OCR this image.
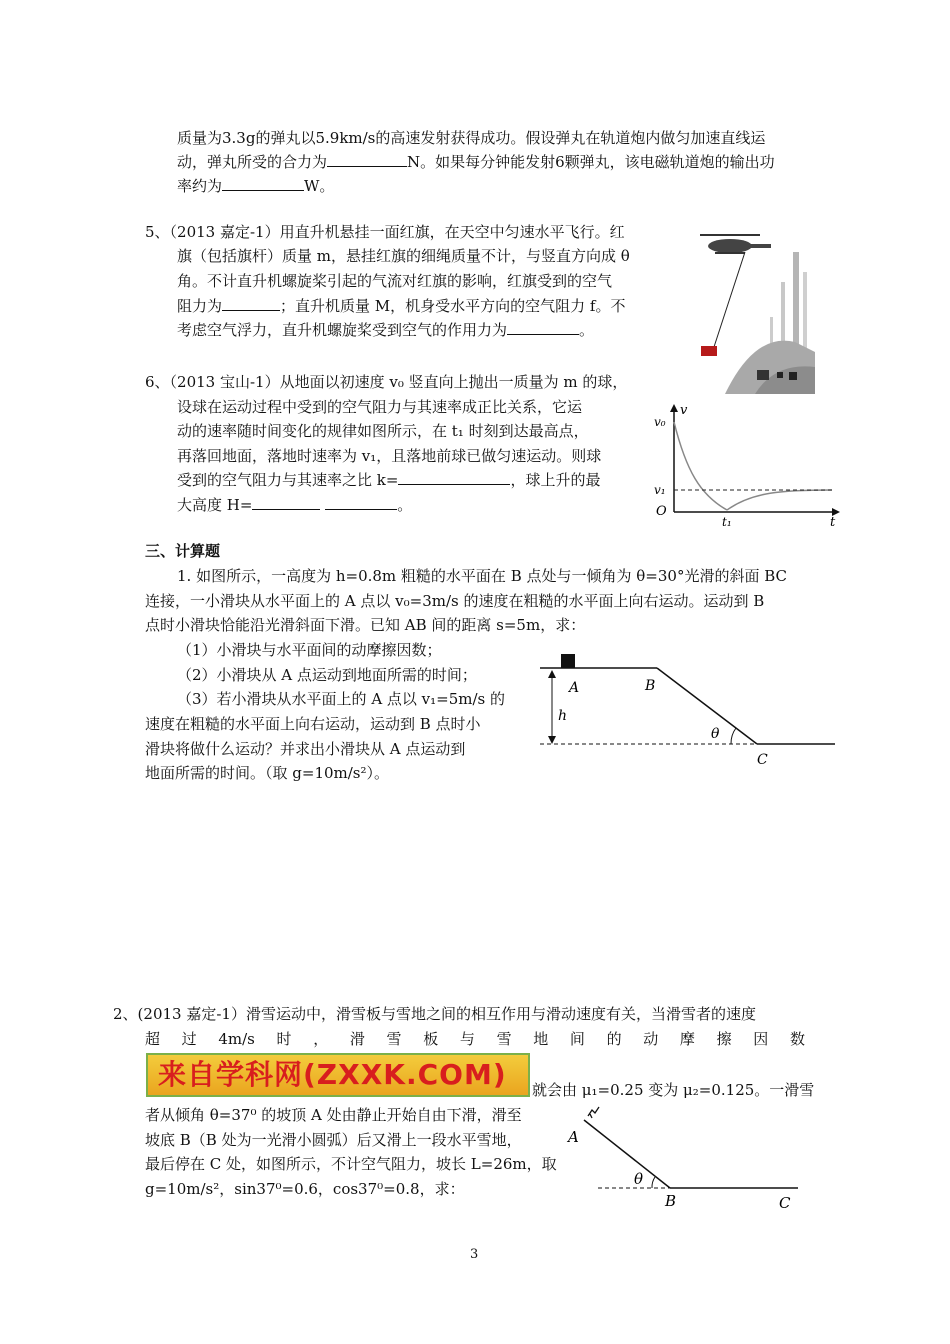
质量为3.3g的弹丸以5.9km/s的高速发射获得成功。假设弹丸在轨道炮内做匀加速直线运
动，弹丸所受的合力为	N。如果每分钟能发射6颗弹丸，该电磁轨道炮的输出功
率约为	W。
5、（2013 嘉定-1）用直升机悬挂一面红旗，在天空中匀速水平飞行。红
旗（包括旗杆）质量 m，悬挂红旗的细绳质量不计，与竖直方向成 θ
角。不计直升机螺旋桨引起的气流对红旗的影响，红旗受到的空气
阻力为	；直升机质量 M，机身受水平方向的空气阻力 f。不
考虑空气浮力，直升机螺旋桨受到空气的作用力为	。
6、（2013 宝山-1）从地面以初速度 v₀ 竖直向上抛出一质量为 m 的球，
设球在运动过程中受到的空气阻力与其速率成正比关系，它运
动的速率随时间变化的规律如图所示，在 t₁ 时刻到达最高点，
再落回地面，落地时速率为 v₁，且落地前球已做匀速运动。则球
受到的空气阻力与其速率之比 k=	，球上升的最
大高度 H=	。
v
v₀
v₁
O
t₁	t
三、计算题
1. 如图所示，一高度为 h=0.8m 粗糙的水平面在 B 点处与一倾角为 θ=30°光滑的斜面 BC
连接，一小滑块从水平面上的 A 点以 v₀=3m/s 的速度在粗糙的水平面上向右运动。运动到 B
点时小滑块恰能沿光滑斜面下滑。已知 AB 间的距离 s=5m，求：
（1）小滑块与水平面间的动摩擦因数；
（2）小滑块从 A 点运动到地面所需的时间；
（3）若小滑块从水平面上的 A 点以 v₁=5m/s 的
速度在粗糙的水平面上向右运动，运动到 B 点时小
滑块将做什么运动？并求出小滑块从 A 点运动到
地面所需的时间。（取 g=10m/s²）。
A	B
C
h
θ
2、(2013 嘉定-1）滑雪运动中，滑雪板与雪地之间的相互作用与滑动速度有关，当滑雪者的速度
超 过 4m/s 时 ， 滑 雪 板 与 雪 地 间 的 动 摩 擦 因 数
来自学科网(ZXXK.COM)	就会由 μ₁=0.25 变为 μ₂=0.125。一滑雪
者从倾角 θ=37⁰ 的坡顶 A 处由静止开始自由下滑，滑至
坡底 B（B 处为一光滑小圆弧）后又滑上一段水平雪地，
最后停在 C 处，如图所示，不计空气阻力，坡长 L=26m，取
g=10m/s²，sin37⁰=0.6，cos37⁰=0.8，求：
A
B	C
θ
3
